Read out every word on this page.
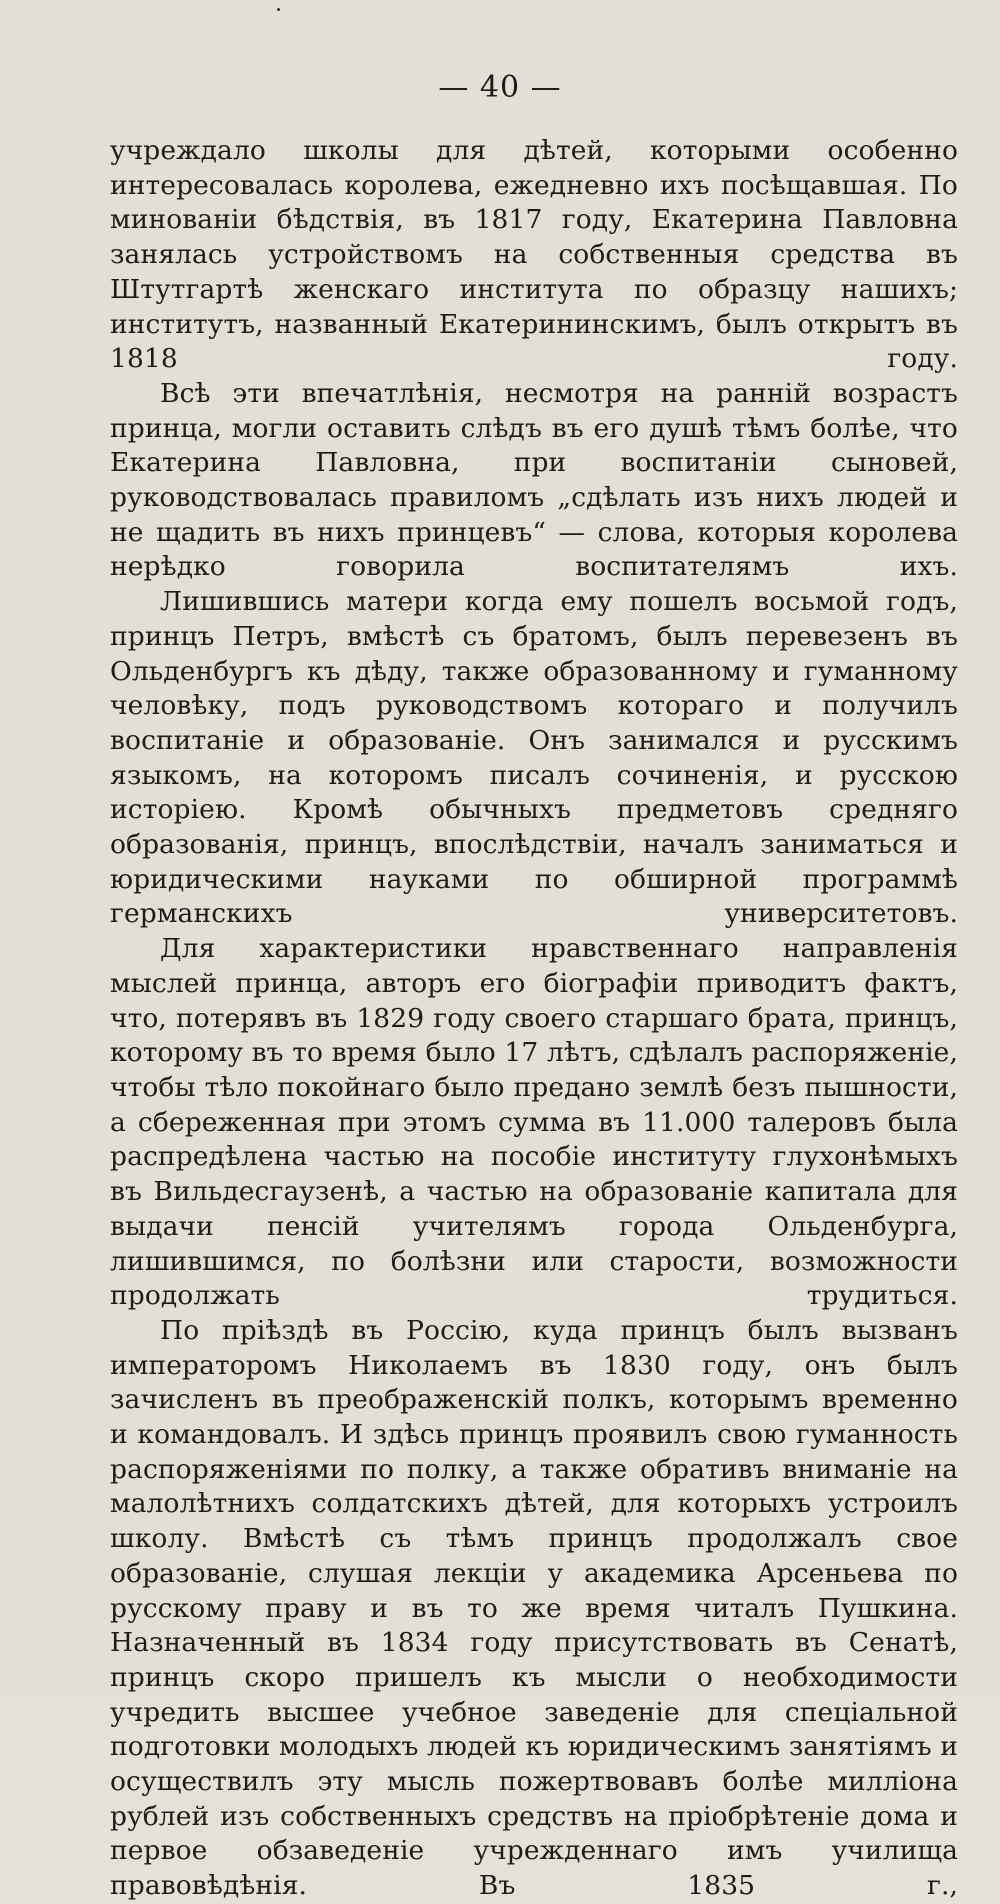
— 40 —

учреждало школы для дѣтей, которыми особенно интересовалась королева, ежедневно ихъ посѣщавшая. По минованіи бѣдствія, въ 1817 году, Екатерина Павловна занялась устройствомъ на собственныя средства въ Штутгартѣ женскаго института по образцу нашихъ; институтъ, названный Екатерининскимъ, былъ открытъ въ 1818 году.

Всѣ эти впечатлѣнія, несмотря на ранній возрастъ принца, могли оставить слѣдъ въ его душѣ тѣмъ болѣе, что Екатерина Павловна, при воспитаніи сыновей, руководствовалась правиломъ „сдѣлать изъ нихъ людей и не щадить въ нихъ принцевъ“ — слова, которыя королева нерѣдко говорила воспитателямъ ихъ.

Лишившись матери когда ему пошелъ восьмой годъ, принцъ Петръ, вмѣстѣ съ братомъ, былъ перевезенъ въ Ольденбургъ къ дѣду, также образованному и гуманному человѣку, подъ руководствомъ котораго и получилъ воспитаніе и образованіе. Онъ занимался и русскимъ языкомъ, на которомъ писалъ сочиненія, и русскою исторіею. Кромѣ обычныхъ предметовъ средняго образованія, принцъ, впослѣдствіи, началъ заниматься и юридическими науками по обширной программѣ германскихъ университетовъ.

Для характеристики нравственнаго направленія мыслей принца, авторъ его біографіи приводитъ фактъ, что, потерявъ въ 1829 году своего старшаго брата, принцъ, которому въ то время было 17 лѣтъ, сдѣлалъ распоряженіе, чтобы тѣло покойнаго было предано землѣ безъ пышности, а сбереженная при этомъ сумма въ 11.000 талеровъ была распредѣлена частью на пособіе институту глухонѣмыхъ въ Вильдесгаузенѣ, а частью на образованіе капитала для выдачи пенсій учителямъ города Ольденбурга, лишившимся, по болѣзни или старости, возможности продолжать трудиться.

По пріѣздѣ въ Россію, куда принцъ былъ вызванъ императоромъ Николаемъ въ 1830 году, онъ былъ зачисленъ въ преображенскій полкъ, которымъ временно и командовалъ. И здѣсь принцъ проявилъ свою гуманность распоряженіями по полку, а также обративъ вниманіе на малолѣтнихъ солдатскихъ дѣтей, для которыхъ устроилъ школу. Вмѣстѣ съ тѣмъ принцъ продолжалъ свое образованіе, слушая лекціи у академика Арсеньева по русскому праву и въ то же время читалъ Пушкина. Назначенный въ 1834 году присутствовать въ Сенатѣ, принцъ скоро пришелъ къ мысли о необходимости учредить высшее учебное заведеніе для спеціальной подготовки молодыхъ людей къ юридическимъ занятіямъ и осуществилъ эту мысль пожертвовавъ болѣе милліона рублей изъ собственныхъ средствъ на пріобрѣтеніе дома и первое обзаведеніе учрежденнаго имъ училища правовѣдѣнія. Въ 1835 г.,
